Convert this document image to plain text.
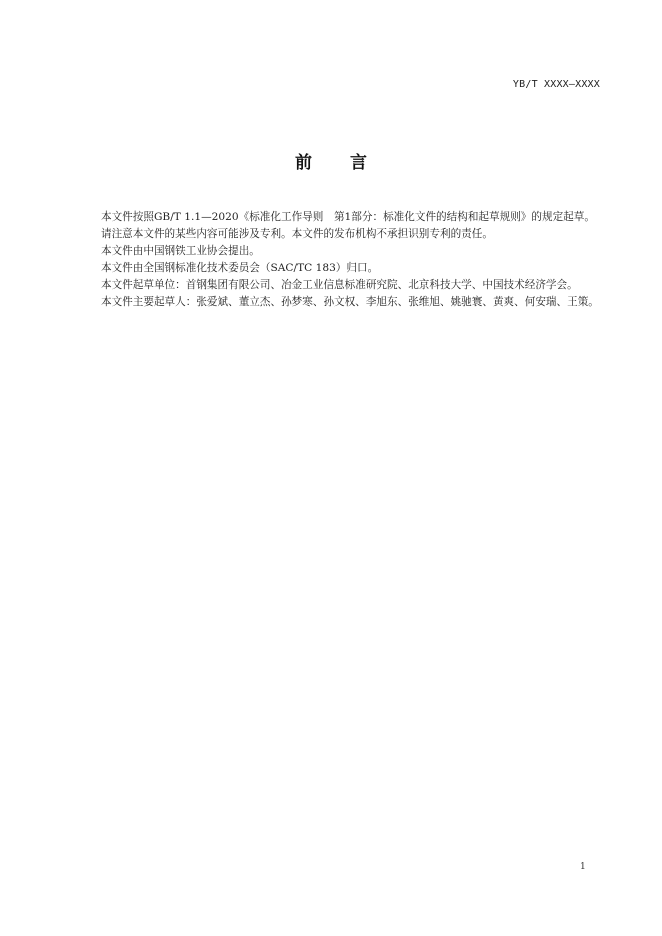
YB/T XXXX—XXXX
前 言

本文件按照GB/T 1.1—2020《标准化工作导则　第1部分：标准化文件的结构和起草规则》的规定起草。

请注意本文件的某些内容可能涉及专利。本文件的发布机构不承担识别专利的责任。

本文件由中国钢铁工业协会提出。

本文件由全国钢标准化技术委员会（SAC/TC 183）归口。

本文件起草单位：首钢集团有限公司、冶金工业信息标准研究院、北京科技大学、中国技术经济学会。

本文件主要起草人：张爱斌、董立杰、孙梦寒、孙文权、李旭东、张维旭、姚驰寰、黄爽、何安瑞、王策。

1
